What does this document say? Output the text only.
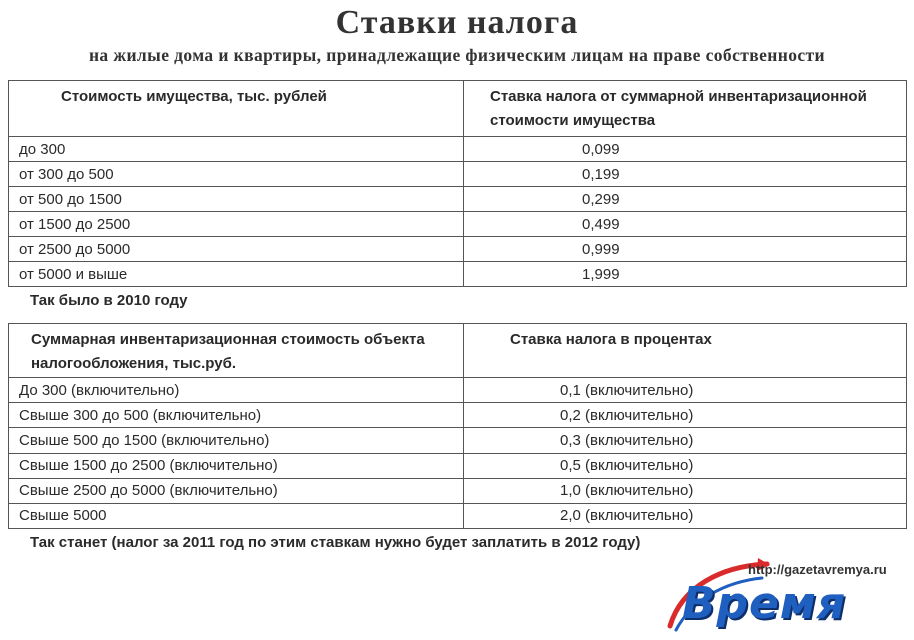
Ставки налога
на жилые дома и квартиры, принадлежащие физическим лицам на праве собственности
Стоимость имущества, тыс. рублей	Ставка налога от суммарной инвентаризационной стоимости имущества
до 300	0,099
от 300 до 500	0,199
от 500 до 1500	0,299
от 1500 до 2500	0,499
от 2500 до 5000	0,999
от 5000 и выше	1,999
Так было в 2010 году
Суммарная инвентаризационная стоимость объекта налогообложения, тыс.руб.	Ставка налога в процентах
До 300 (включительно)	0,1 (включительно)
Свыше 300 до 500 (включительно)	0,2 (включительно)
Свыше 500 до 1500 (включительно)	0,3 (включительно)
Свыше 1500 до 2500 (включительно)	0,5 (включительно)
Свыше 2500 до 5000 (включительно)	1,0 (включительно)
Свыше 5000	2,0 (включительно)
Так станет (налог за 2011 год по этим ставкам нужно будет заплатить в 2012 году)
http://gazetavremya.ru
Время
